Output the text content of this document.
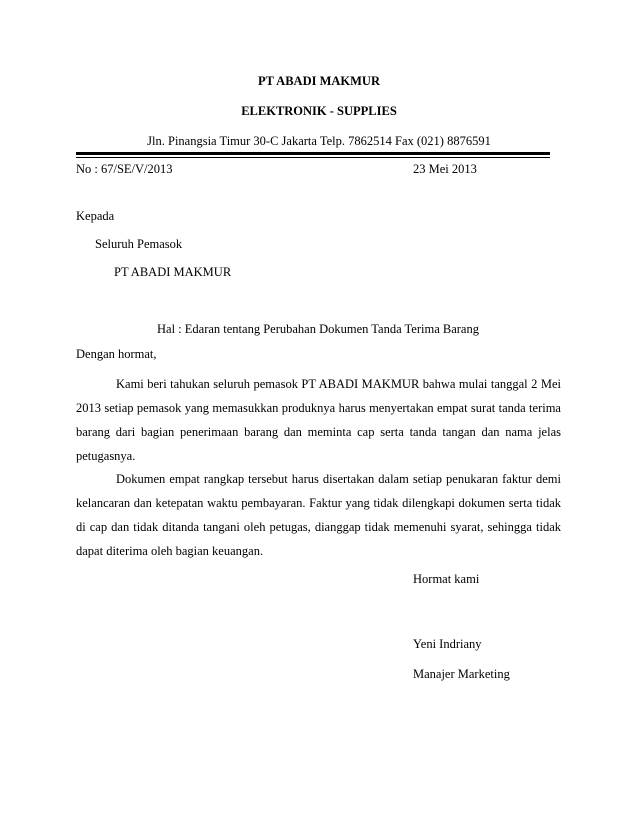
PT ABADI MAKMUR
ELEKTRONIK - SUPPLIES
Jln. Pinangsia Timur 30-C Jakarta Telp. 7862514 Fax (021) 8876591
No : 67/SE/V/2013	23 Mei 2013
Kepada
Seluruh Pemasok
PT ABADI MAKMUR
Hal : Edaran tentang Perubahan Dokumen Tanda Terima Barang
Dengan hormat,
Kami beri tahukan seluruh pemasok PT ABADI MAKMUR bahwa mulai tanggal 2 Mei 2013 setiap pemasok yang memasukkan produknya harus menyertakan empat surat tanda terima barang dari bagian penerimaan barang dan meminta cap serta tanda tangan dan nama jelas petugasnya.
Dokumen empat rangkap tersebut harus disertakan dalam setiap penukaran faktur demi kelancaran dan ketepatan waktu pembayaran. Faktur yang tidak dilengkapi dokumen serta tidak di cap dan tidak ditanda tangani oleh petugas, dianggap tidak memenuhi syarat, sehingga tidak dapat diterima oleh bagian keuangan.
Hormat kami
Yeni Indriany
Manajer Marketing
